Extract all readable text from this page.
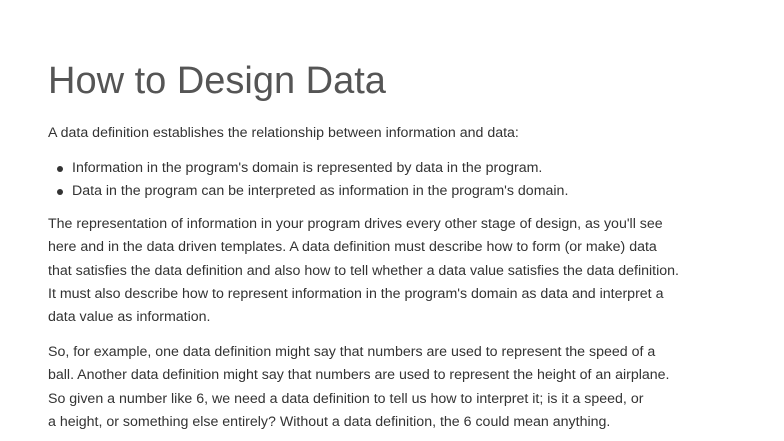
How to Design Data

A data definition establishes the relationship between information and data:

Information in the program's domain is represented by data in the program.
Data in the program can be interpreted as information in the program's domain.

The representation of information in your program drives every other stage of design, as you'll see
here and in the data driven templates. A data definition must describe how to form (or make) data
that satisfies the data definition and also how to tell whether a data value satisfies the data definition.
It must also describe how to represent information in the program's domain as data and interpret a
data value as information.

So, for example, one data definition might say that numbers are used to represent the speed of a
ball. Another data definition might say that numbers are used to represent the height of an airplane.
So given a number like 6, we need a data definition to tell us how to interpret it; is it a speed, or
a height, or something else entirely? Without a data definition, the 6 could mean anything.
